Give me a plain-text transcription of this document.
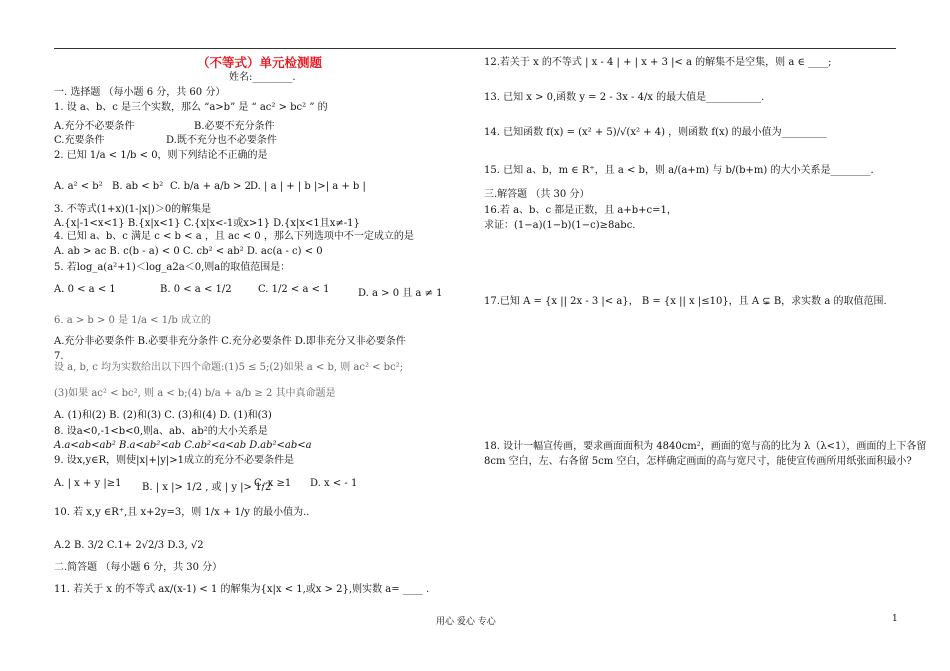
（不等式）单元检测题
姓名:________.
一. 选择题 （每小题 6 分，共 60 分）
1. 设 a、b、c 是三个实数，那么 “a>b” 是 “ ac² > bc² ” 的
A.充分不必要条件	B.必要不充分条件
C.充要条件	D.既不充分也不必要条件
2. 已知 1/a < 1/b < 0，则下列结论不正确的是
A. a² < b² B. ab < b² C. b/a + a/b > 2 D. | a | + | b |>| a + b |
3. 不等式(1+x)(1-|x|)＞0的解集是
A.{x|-1<x<1} B.{x|x<1} C.{x|x<-1或x>1} D.{x|x<1且x≠-1}
4. 已知 a、b、c 满足 c < b < a ，且 ac < 0 ，那么下列选项中不一定成立的是
A. ab > ac B. c(b - a) < 0 C. cb² < ab² D. ac(a - c) < 0
5. 若log_a(a²+1)＜log_a2a＜0,则a的取值范围是：
A. 0 < a < 1	B. 0 < a < 1/2	C. 1/2 < a < 1	D. a > 0 且 a ≠ 1
6. a > b > 0 是 1/a < 1/b 成立的
A.充分非必要条件 B.必要非充分条件 C.充分必要条件 D.即非充分又非必要条件
7.
设 a, b, c 均为实数给出以下四个命题:(1)5 ≤ 5;(2)如果 a < b, 则 ac² < bc²;
(3)如果 ac² < bc², 则 a < b;(4) b/a + a/b ≥ 2 其中真命题是
A. (1)和(2) B. (2)和(3) C. (3)和(4) D. (1)和(3)
8. 设a<0,-1<b<0,则a、ab、ab²的大小关系是
A.a<ab<ab² B.a<ab²<ab C.ab²<a<ab D.ab²<ab<a
9. 设x,y∈R，则使|x|+|y|>1成立的充分不必要条件是
A. | x + y |≥1 B. | x |> 1/2 , 或 | y |> 1/2
C. x ≥1 D. x < - 1
10. 若 x,y ∈R⁺,且 x+2y=3，则 1/x + 1/y 的最小值为..
A.2 B. 3/2 C.1+ 2√2/3 D.3, √2
二.简答题 （每小题 6 分，共 30 分）
11. 若关于 x 的不等式 ax/(x-1) < 1 的解集为{x|x < 1,或x > 2},则实数 a= ____ .
12.若关于 x 的不等式 | x - 4 | + | x + 3 |< a 的解集不是空集，则 a ∈ ____;
13. 已知 x > 0,函数 y = 2 - 3x - 4/x 的最大值是___________.
14. 已知函数 f(x) = (x² + 5)/√(x² + 4) ，则函数 f(x) 的最小值为_________
15. 已知 a、b，m ∈ R⁺，且 a < b，则 a/(a+m) 与 b/(b+m) 的大小关系是________.
三.解答题 （共 30 分）
16.若 a、b、c 都是正数，且 a+b+c=1，
求证：(1−a)(1−b)(1−c)≥8abc.
17.已知 A = {x || 2x - 3 |< a}， B = {x || x |≤10}，且 A ⊊ B，求实数 a 的取值范围.
18. 设计一幅宣传画，要求画面面积为 4840cm²，画面的宽与高的比为 λ（λ<1），画面的上下各留
8cm 空白，左、右各留 5cm 空白，怎样确定画面的高与宽尺寸，能使宣传画所用纸张面积最小?
用心 爱心 专心	1
